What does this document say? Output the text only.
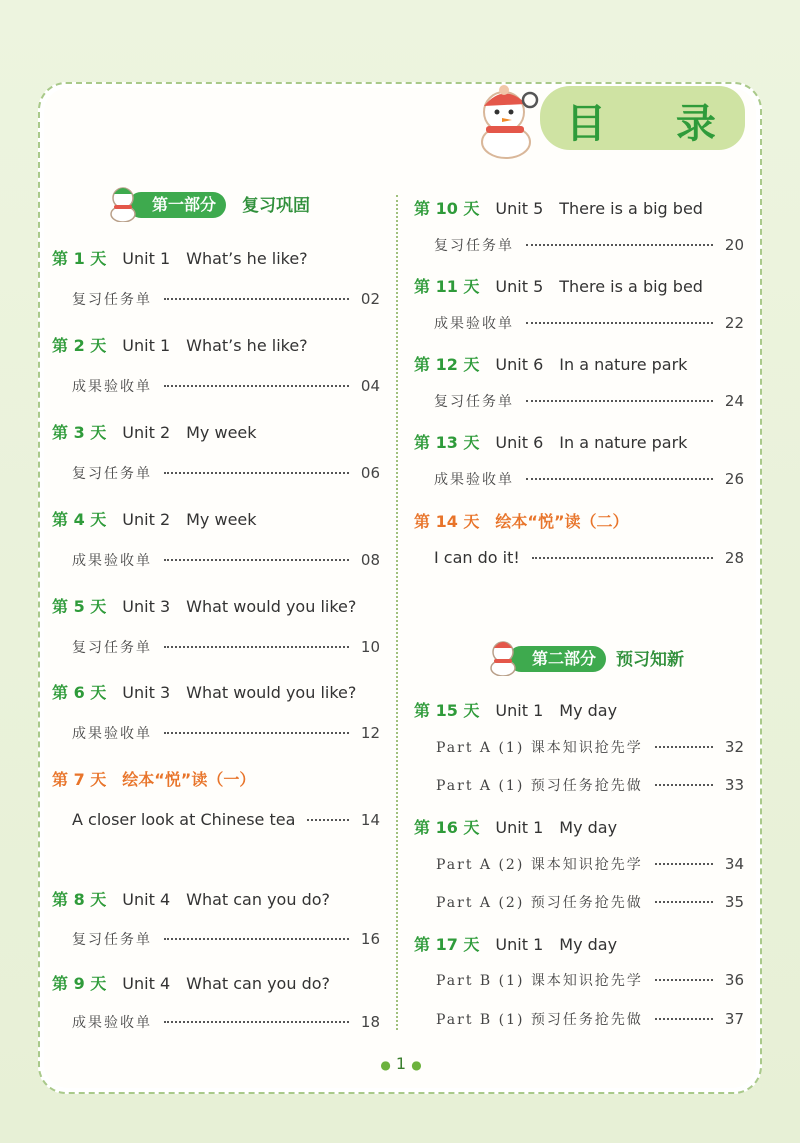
目 录
第一部分	复习巩固
第 1 天 Unit 1 What’s he like?
复习任务单	02
第 2 天 Unit 1 What’s he like?
成果验收单	04
第 3 天 Unit 2 My week
复习任务单	06
第 4 天 Unit 2 My week
成果验收单	08
第 5 天 Unit 3 What would you like?
复习任务单	10
第 6 天 Unit 3 What would you like?
成果验收单	12
第 7 天 绘本“悦”读（一）
A closer look at Chinese tea	14
第 8 天 Unit 4 What can you do?
复习任务单	16
第 9 天 Unit 4 What can you do?
成果验收单	18
第 10 天 Unit 5 There is a big bed
复习任务单	20
第 11 天 Unit 5 There is a big bed
成果验收单	22
第 12 天 Unit 6 In a nature park
复习任务单	24
第 13 天 Unit 6 In a nature park
成果验收单	26
第 14 天 绘本“悦”读（二）
I can do it!	28
第二部分	预习知新
第 15 天 Unit 1 My day
Part A (1) 课本知识抢先学	32
Part A (1) 预习任务抢先做	33
第 16 天 Unit 1 My day
Part A (2) 课本知识抢先学	34
Part A (2) 预习任务抢先做	35
第 17 天 Unit 1 My day
Part B (1) 课本知识抢先学	36
Part B (1) 预习任务抢先做	37
● 1 ●
